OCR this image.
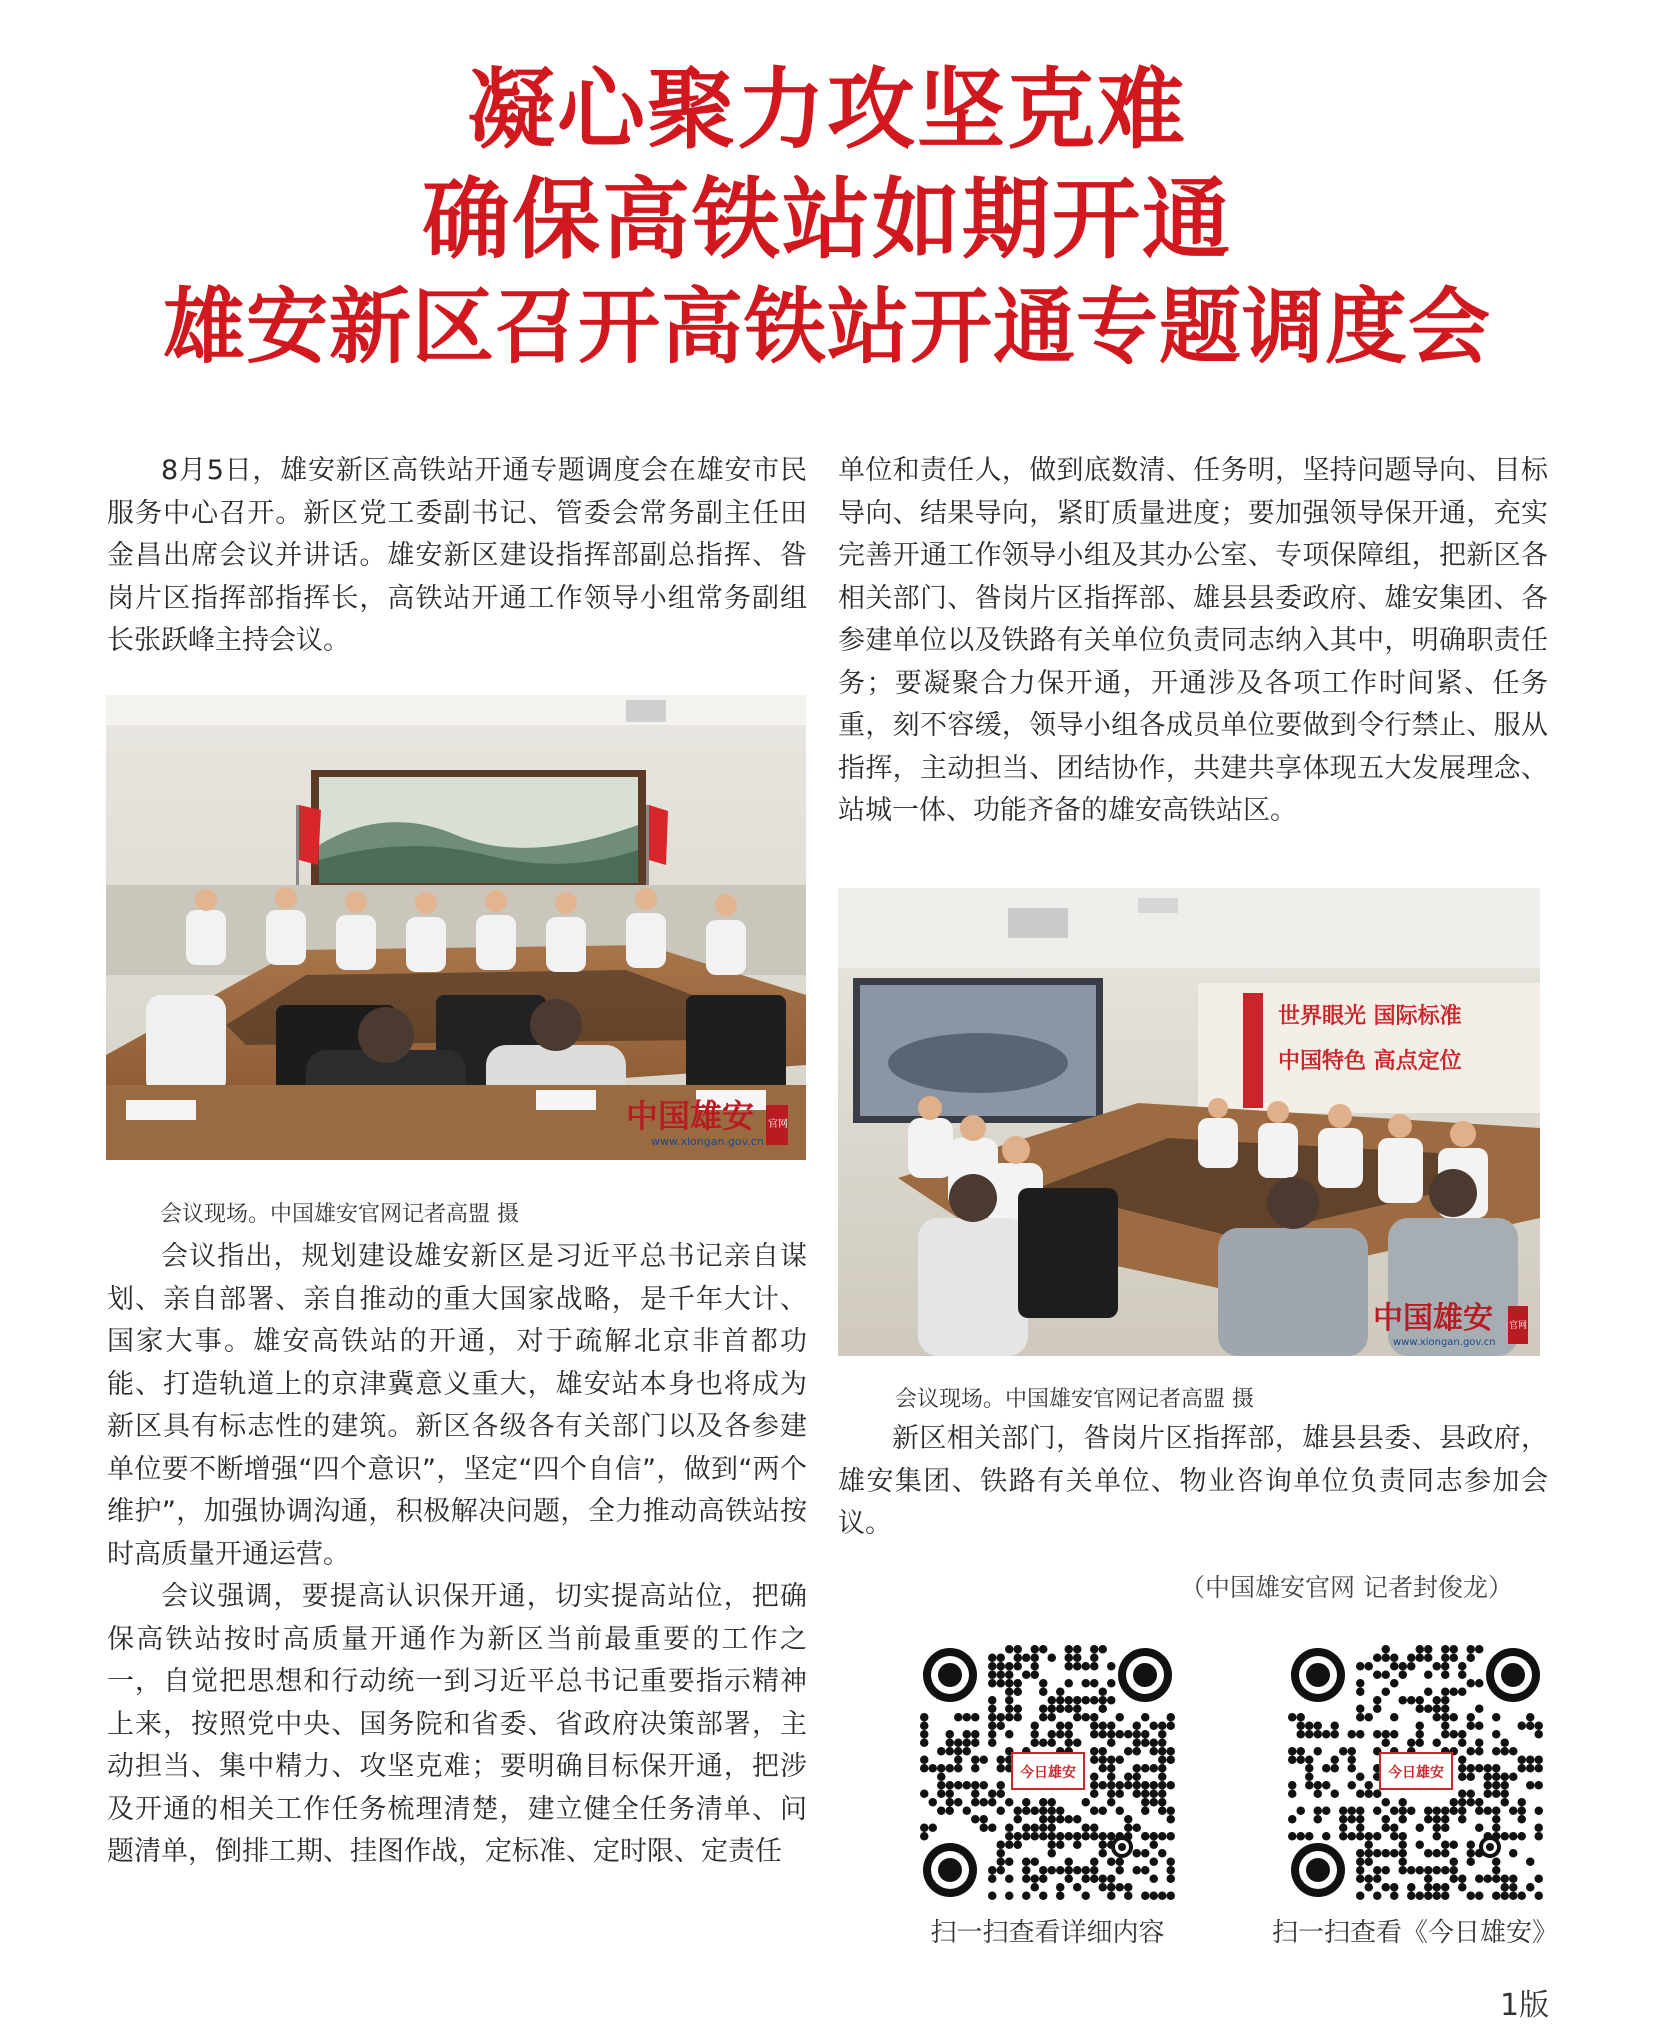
凝心聚力攻坚克难
确保高铁站如期开通
雄安新区召开高铁站开通专题调度会

8月5日，雄安新区高铁站开通专题调度会在雄安市民服务中心召开。新区党工委副书记、管委会常务副主任田金昌出席会议并讲话。雄安新区建设指挥部副总指挥、昝岗片区指挥部指挥长，高铁站开通工作领导小组常务副组长张跃峰主持会议。

中国雄安
www.xiongan.gov.cn
官网
会议现场。中国雄安官网记者高盟 摄

会议指出，规划建设雄安新区是习近平总书记亲自谋划、亲自部署、亲自推动的重大国家战略，是千年大计、国家大事。雄安高铁站的开通，对于疏解北京非首都功能、打造轨道上的京津冀意义重大，雄安站本身也将成为新区具有标志性的建筑。新区各级各有关部门以及各参建单位要不断增强“四个意识”，坚定“四个自信”，做到“两个维护”，加强协调沟通，积极解决问题，全力推动高铁站按时高质量开通运营。

会议强调，要提高认识保开通，切实提高站位，把确保高铁站按时高质量开通作为新区当前最重要的工作之一，自觉把思想和行动统一到习近平总书记重要指示精神上来，按照党中央、国务院和省委、省政府决策部署，主动担当、集中精力、攻坚克难；要明确目标保开通，把涉及开通的相关工作任务梳理清楚，建立健全任务清单、问题清单，倒排工期、挂图作战，定标准、定时限、定责任

单位和责任人，做到底数清、任务明，坚持问题导向、目标导向、结果导向，紧盯质量进度；要加强领导保开通，充实完善开通工作领导小组及其办公室、专项保障组，把新区各相关部门、昝岗片区指挥部、雄县县委政府、雄安集团、各参建单位以及铁路有关单位负责同志纳入其中，明确职责任务；要凝聚合力保开通，开通涉及各项工作时间紧、任务重，刻不容缓，领导小组各成员单位要做到令行禁止、服从指挥，主动担当、团结协作，共建共享体现五大发展理念、站城一体、功能齐备的雄安高铁站区。

世界眼光 国际标准
中国特色 高点定位
中国雄安
www.xiongan.gov.cn
官网
会议现场。中国雄安官网记者高盟 摄

新区相关部门，昝岗片区指挥部，雄县县委、县政府，雄安集团、铁路有关单位、物业咨询单位负责同志参加会议。

（中国雄安官网 记者封俊龙）
今日雄安
扫一扫查看详细内容
今日雄安
扫一扫查看《今日雄安》
1版
